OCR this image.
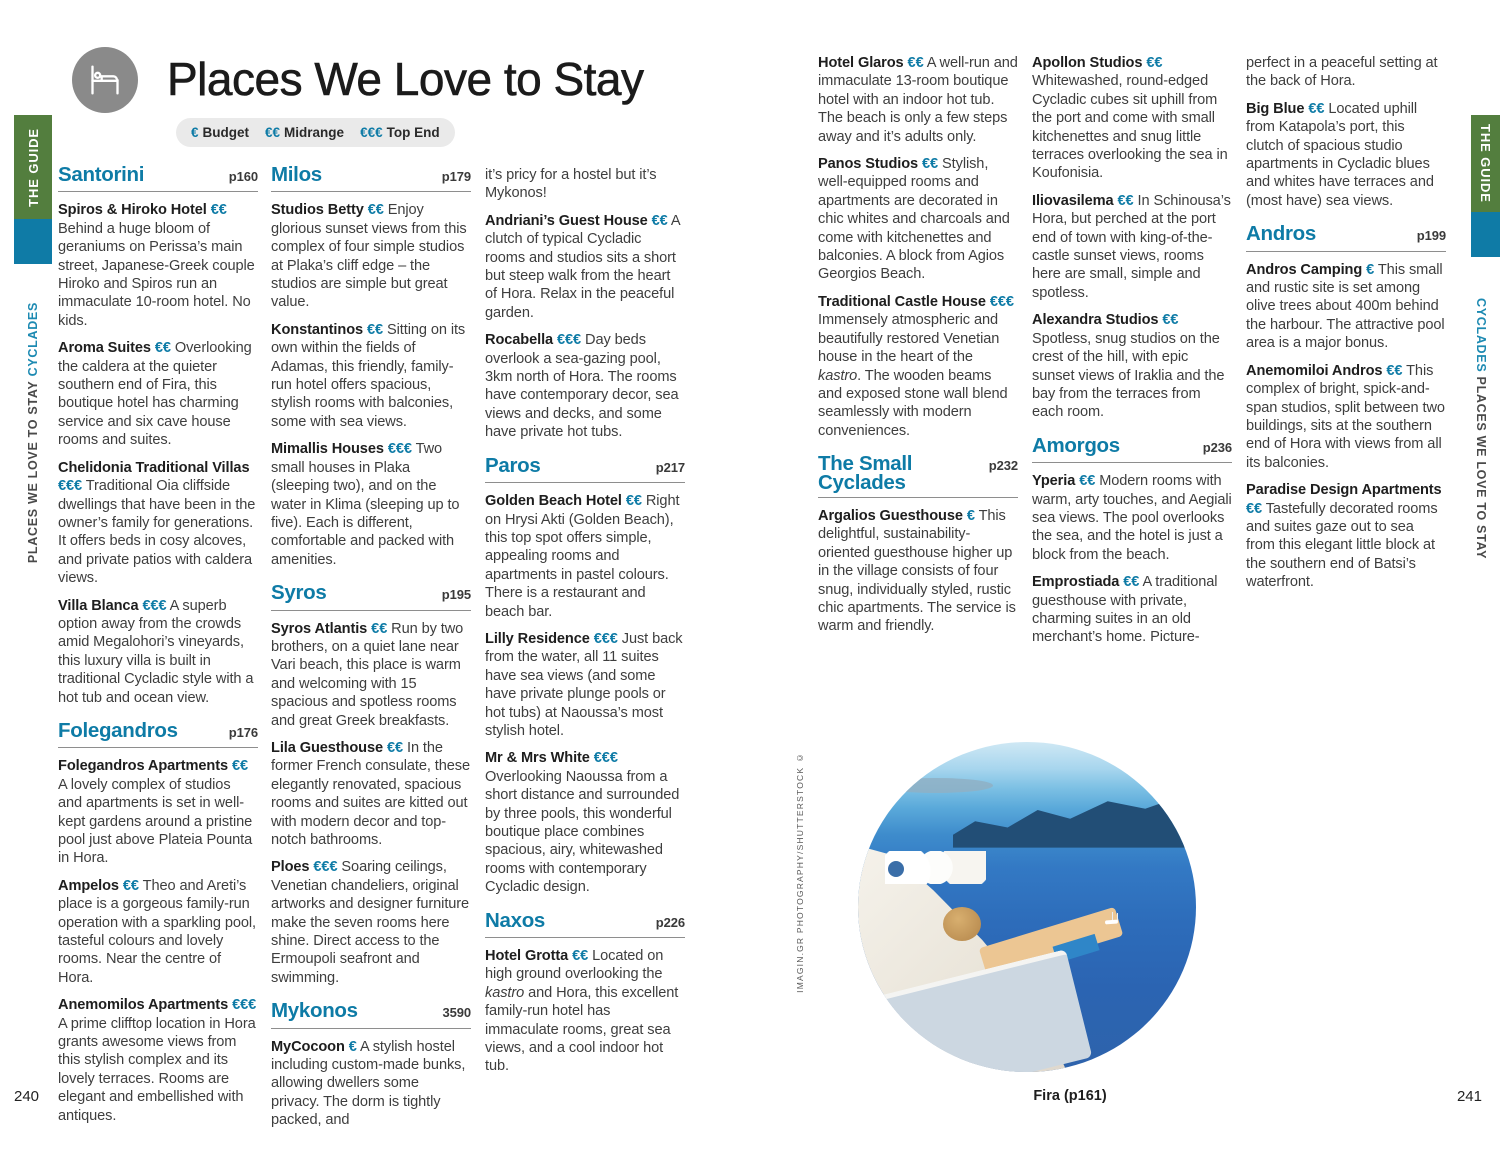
THE GUIDE
PLACES WE LOVE TO STAY CYCLADES
THE GUIDE
CYCLADES PLACES WE LOVE TO STAY
Places We Love to Stay
€ Budget €€ Midrange €€€ Top End
Santorini	p160

Spiros & Hiroko Hotel €€ Behind a huge bloom of geraniums on Perissa’s main street, Japanese-Greek couple Hiroko and Spiros run an immaculate 10-room hotel. No kids.

Aroma Suites €€ Overlooking the caldera at the quieter southern end of Fira, this boutique hotel has charming service and six cave house rooms and suites.

Chelidonia Traditional Villas €€€ Traditional Oia cliffside dwellings that have been in the owner’s family for generations. It offers beds in cosy alcoves, and private patios with caldera views.

Villa Blanca €€€ A superb option away from the crowds amid Megalohori’s vineyards, this luxury villa is built in traditional Cycladic style with a hot tub and ocean view.

Folegandros	p176

Folegandros Apartments €€ A lovely complex of studios and apartments is set in well-kept gardens around a pristine pool just above Plateia Pounta in Hora.

Ampelos €€ Theo and Areti’s place is a gorgeous family-run operation with a sparkling pool, tasteful colours and lovely rooms. Near the centre of Hora.

Anemomilos Apartments €€€ A prime clifftop location in Hora grants awesome views from this stylish complex and its lovely terraces. Rooms are elegant and embellished with antiques.

Milos	p179

Studios Betty €€ Enjoy glorious sunset views from this complex of four simple studios at Plaka’s cliff edge – the studios are simple but great value.

Konstantinos €€ Sitting on its own within the fields of Adamas, this friendly, family-run hotel offers spacious, stylish rooms with balconies, some with sea views.

Mimallis Houses €€€ Two small houses in Plaka (sleeping two), and on the water in Klima (sleeping up to five). Each is different, comfortable and packed with amenities.

Syros	p195

Syros Atlantis €€ Run by two brothers, on a quiet lane near Vari beach, this place is warm and welcoming with 15 spacious and spotless rooms and great Greek breakfasts.

Lila Guesthouse €€ In the former French consulate, these elegantly renovated, spacious rooms and suites are kitted out with modern decor and top-notch bathrooms.

Ploes €€€ Soaring ceilings, Venetian chandeliers, original artworks and designer furniture make the seven rooms here shine. Direct access to the Ermoupoli seafront and swimming.

Mykonos	3590

MyCocoon € A stylish hostel including custom-made bunks, allowing dwellers some privacy. The dorm is tightly packed, and

it’s pricy for a hostel but it’s Mykonos!

Andriani’s Guest House €€ A clutch of typical Cycladic rooms and studios sits a short but steep walk from the heart of Hora. Relax in the peaceful garden.

Rocabella €€€ Day beds overlook a sea-gazing pool, 3km north of Hora. The rooms have contemporary decor, sea views and decks, and some have private hot tubs.

Paros	p217

Golden Beach Hotel €€ Right on Hrysi Akti (Golden Beach), this top spot offers simple, appealing rooms and apartments in pastel colours. There is a restaurant and beach bar.

Lilly Residence €€€ Just back from the water, all 11 suites have sea views (and some have private plunge pools or hot tubs) at Naoussa’s most stylish hotel.

Mr & Mrs White €€€ Overlooking Naoussa from a short distance and surrounded by three pools, this wonderful boutique place combines spacious, airy, whitewashed rooms with contemporary Cycladic design.

Naxos	p226

Hotel Grotta €€ Located on high ground overlooking the kastro and Hora, this excellent family-run hotel has immaculate rooms, great sea views, and a cool indoor hot tub.

Hotel Glaros €€ A well-run and immaculate 13-room boutique hotel with an indoor hot tub. The beach is only a few steps away and it’s adults only.

Panos Studios €€ Stylish, well-equipped rooms and apartments are decorated in chic whites and charcoals and come with kitchenettes and balconies. A block from Agios Georgios Beach.

Traditional Castle House €€€ Immensely atmospheric and beautifully restored Venetian house in the heart of the kastro. The wooden beams and exposed stone wall blend seamlessly with modern conveniences.

The Small Cyclades
p232

Argalios Guesthouse € This delightful, sustainability-oriented guesthouse higher up in the village consists of four snug, individually styled, rustic chic apartments. The service is warm and friendly.

Apollon Studios €€ Whitewashed, round-edged Cycladic cubes sit uphill from the port and come with small kitchenettes and snug little terraces overlooking the sea in Koufonisia.

Iliovasilema €€ In Schinousa’s Hora, but perched at the port end of town with king-of-the-castle sunset views, rooms here are small, simple and spotless.

Alexandra Studios €€ Spotless, snug studios on the crest of the hill, with epic sunset views of Iraklia and the bay from the terraces from each room.

Amorgos	p236

Yperia €€ Modern rooms with warm, arty touches, and Aegiali sea views. The pool overlooks the sea, and the hotel is just a block from the beach.

Emprostiada €€ A traditional guesthouse with private, charming suites in an old merchant’s home. Picture-

perfect in a peaceful setting at the back of Hora.

Big Blue €€ Located uphill from Katapola’s port, this clutch of spacious studio apartments in Cycladic blues and whites have terraces and (most have) sea views.

Andros	p199

Andros Camping € This small and rustic site is set among olive trees about 400m behind the harbour. The attractive pool area is a major bonus.

Anemomiloi Andros €€ This complex of bright, spick-and-span studios, split between two buildings, sits at the southern end of Hora with views from all its balconies.

Paradise Design Apartments €€ Tastefully decorated rooms and suites gaze out to sea from this elegant little block at the southern end of Batsi’s waterfront.

IMAGIN.GR PHOTOGRAPHY/SHUTTERSTOCK ©
240	Fira (p161)	241
